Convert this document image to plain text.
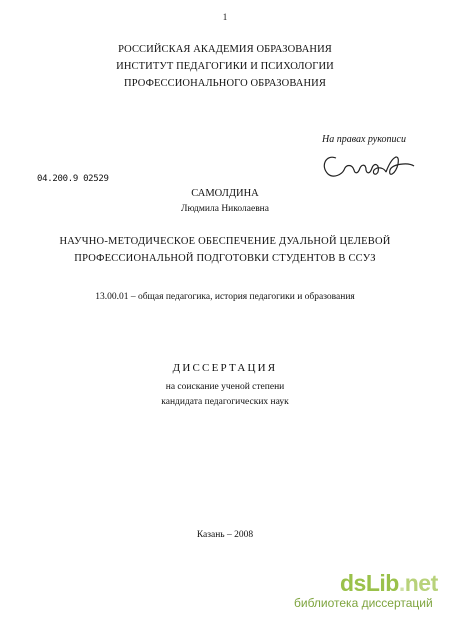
1
РОССИЙСКАЯ АКАДЕМИЯ ОБРАЗОВАНИЯ
ИНСТИТУТ ПЕДАГОГИКИ И ПСИХОЛОГИИ
ПРОФЕССИОНАЛЬНОГО ОБРАЗОВАНИЯ
На правах рукописи
04.200.9 02529
САМОЛДИНА
Людмила Николаевна
НАУЧНО-МЕТОДИЧЕСКОЕ ОБЕСПЕЧЕНИЕ ДУАЛЬНОЙ ЦЕЛЕВОЙ
ПРОФЕССИОНАЛЬНОЙ ПОДГОТОВКИ СТУДЕНТОВ В ССУЗ
13.00.01 – общая педагогика, история педагогики и образования
ДИССЕРТАЦИЯ
на соискание ученой степени
кандидата педагогических наук
Казань – 2008
dsLib.net
библиотека диссертаций
